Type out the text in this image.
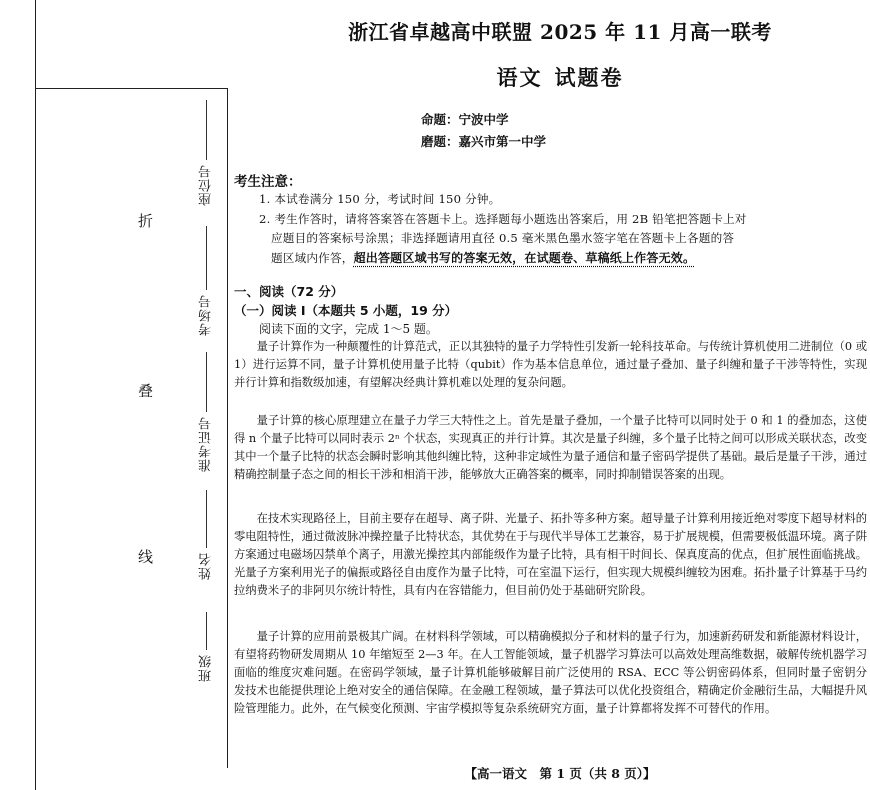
折
叠
线
座位号
考场号
准考证号
姓名
班级
浙江省卓越高中联盟 2025 年 11 月高一联考
语文 试题卷
命题：宁波中学
磨题：嘉兴市第一中学
考生注意：
1. 本试卷满分 150 分，考试时间 150 分钟。
2. 考生作答时，请将答案答在答题卡上。选择题每小题选出答案后，用 2B 铅笔把答题卡上对
应题目的答案标号涂黑；非选择题请用直径 0.5 毫米黑色墨水签字笔在答题卡上各题的答
题区域内作答，超出答题区域书写的答案无效，在试题卷、草稿纸上作答无效。
一、阅读（72 分）
（一）阅读 I（本题共 5 小题，19 分）
阅读下面的文字，完成 1～5 题。

量子计算作为一种颠覆性的计算范式，正以其独特的量子力学特性引发新一轮科技革命。与传统计算机使用二进制位（0 或 1）进行运算不同，量子计算机使用量子比特（qubit）作为基本信息单位，通过量子叠加、量子纠缠和量子干涉等特性，实现并行计算和指数级加速，有望解决经典计算机难以处理的复杂问题。

量子计算的核心原理建立在量子力学三大特性之上。首先是量子叠加，一个量子比特可以同时处于 0 和 1 的叠加态，这使得 n 个量子比特可以同时表示 2ⁿ 个状态，实现真正的并行计算。其次是量子纠缠，多个量子比特之间可以形成关联状态，改变其中一个量子比特的状态会瞬时影响其他纠缠比特，这种非定域性为量子通信和量子密码学提供了基础。最后是量子干涉，通过精确控制量子态之间的相长干涉和相消干涉，能够放大正确答案的概率，同时抑制错误答案的出现。

在技术实现路径上，目前主要存在超导、离子阱、光量子、拓扑等多种方案。超导量子计算利用接近绝对零度下超导材料的零电阻特性，通过微波脉冲操控量子比特状态，其优势在于与现代半导体工艺兼容，易于扩展规模，但需要极低温环境。离子阱方案通过电磁场囚禁单个离子，用激光操控其内部能级作为量子比特，具有相干时间长、保真度高的优点，但扩展性面临挑战。光量子方案利用光子的偏振或路径自由度作为量子比特，可在室温下运行，但实现大规模纠缠较为困难。拓扑量子计算基于马约拉纳费米子的非阿贝尔统计特性，具有内在容错能力，但目前仍处于基础研究阶段。

量子计算的应用前景极其广阔。在材料科学领域，可以精确模拟分子和材料的量子行为，加速新药研发和新能源材料设计，有望将药物研发周期从 10 年缩短至 2—3 年。在人工智能领域，量子机器学习算法可以高效处理高维数据，破解传统机器学习面临的维度灾难问题。在密码学领域，量子计算机能够破解目前广泛使用的 RSA、ECC 等公钥密码体系，但同时量子密钥分发技术也能提供理论上绝对安全的通信保障。在金融工程领域，量子算法可以优化投资组合，精确定价金融衍生品，大幅提升风险管理能力。此外，在气候变化预测、宇宙学模拟等复杂系统研究方面，量子计算都将发挥不可替代的作用。

【高一语文　第 1 页（共 8 页）】
